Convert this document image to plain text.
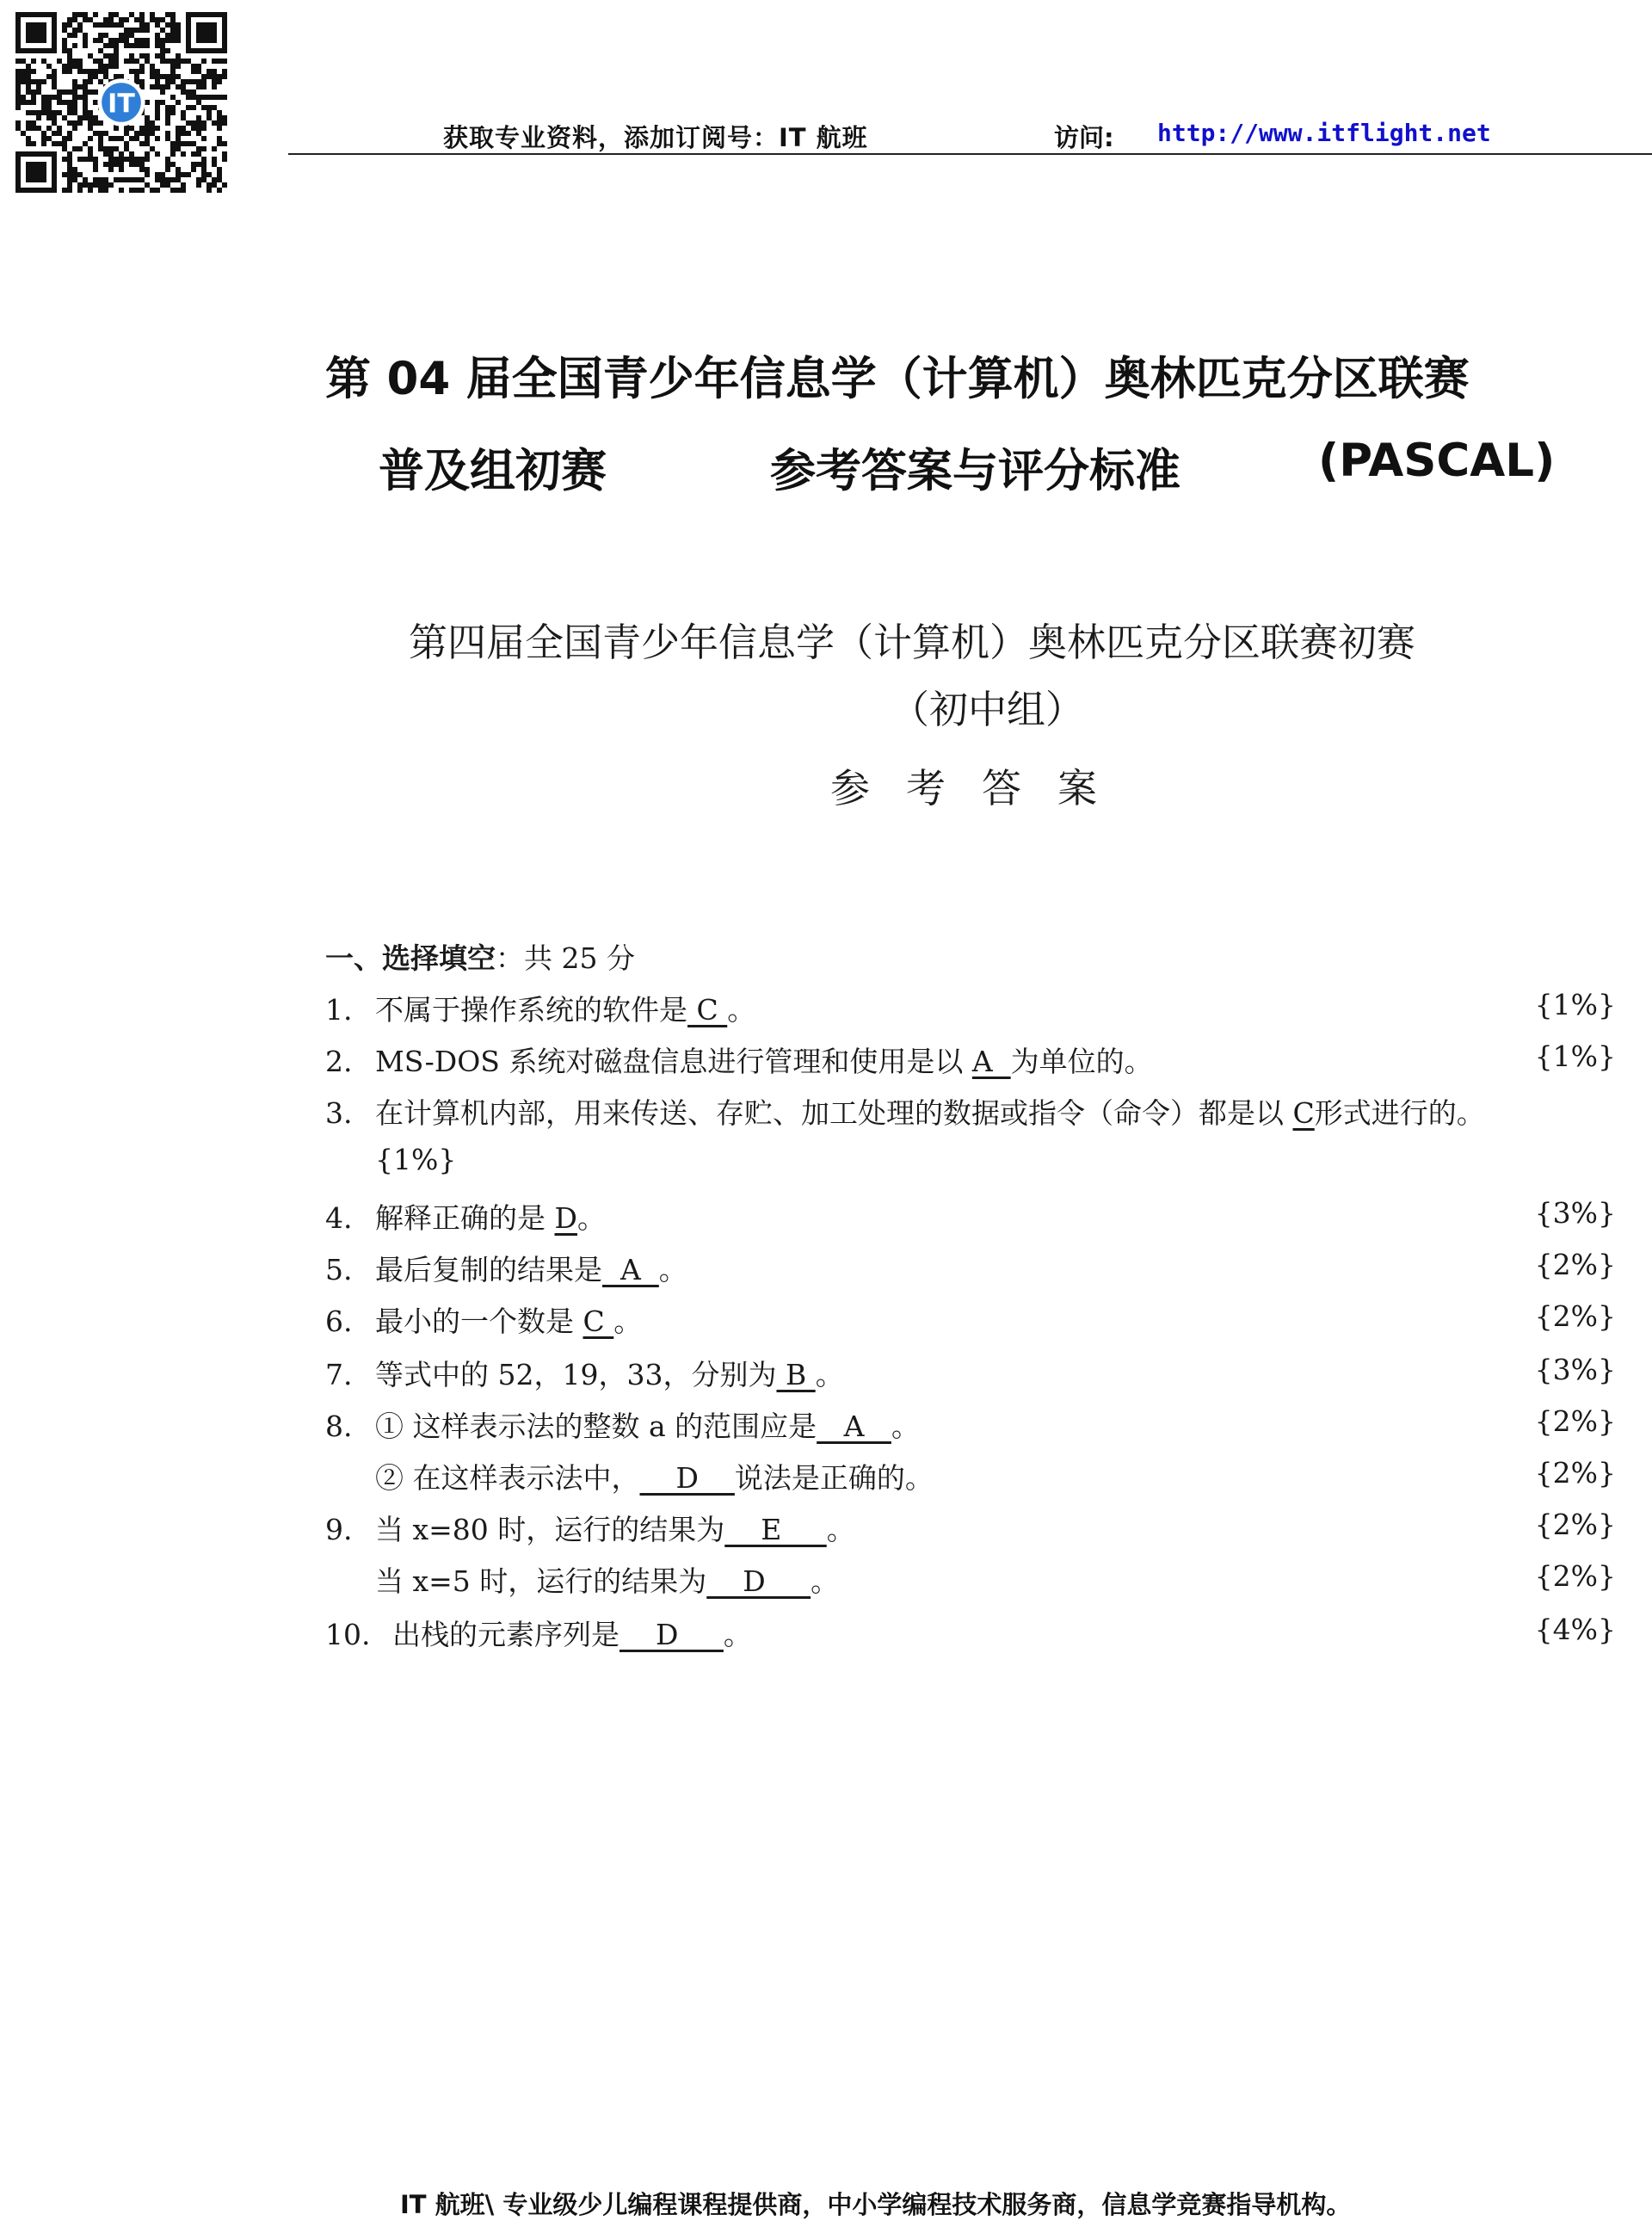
IT
获取专业资料，添加订阅号：IT 航班	访问: http://www.itflight.net
第 04 届全国青少年信息学（计算机）奥林匹克分区联赛
普及组初赛	参考答案与评分标准	(PASCAL)
第四届全国青少年信息学（计算机）奥林匹克分区联赛初赛
（初中组）
参考答案
一、选择填空：共 25 分
1. 不属于操作系统的软件是 C 。	{1%}
2. MS-DOS 系统对磁盘信息进行管理和使用是以 A  为单位的。	{1%}
3. 在计算机内部，用来传送、存贮、加工处理的数据或指令（命令）都是以 C形式进行的。
{1%}
4. 解释正确的是 D。	{3%}
5. 最后复制的结果是  A  。	{2%}
6. 最小的一个数是 C 。	{2%}
7. 等式中的 52，19，33，分别为 B 。	{3%}
8. ① 这样表示法的整数 a 的范围应是   A   。	{2%}
② 在这样表示法中，    D    说法是正确的。	{2%}
9. 当 x=80 时，运行的结果为    E     。	{2%}
当 x=5 时，运行的结果为    D     。	{2%}
10. 出栈的元素序列是    D     。	{4%}
IT 航班\ 专业级少儿编程课程提供商，中小学编程技术服务商，信息学竞赛指导机构。
